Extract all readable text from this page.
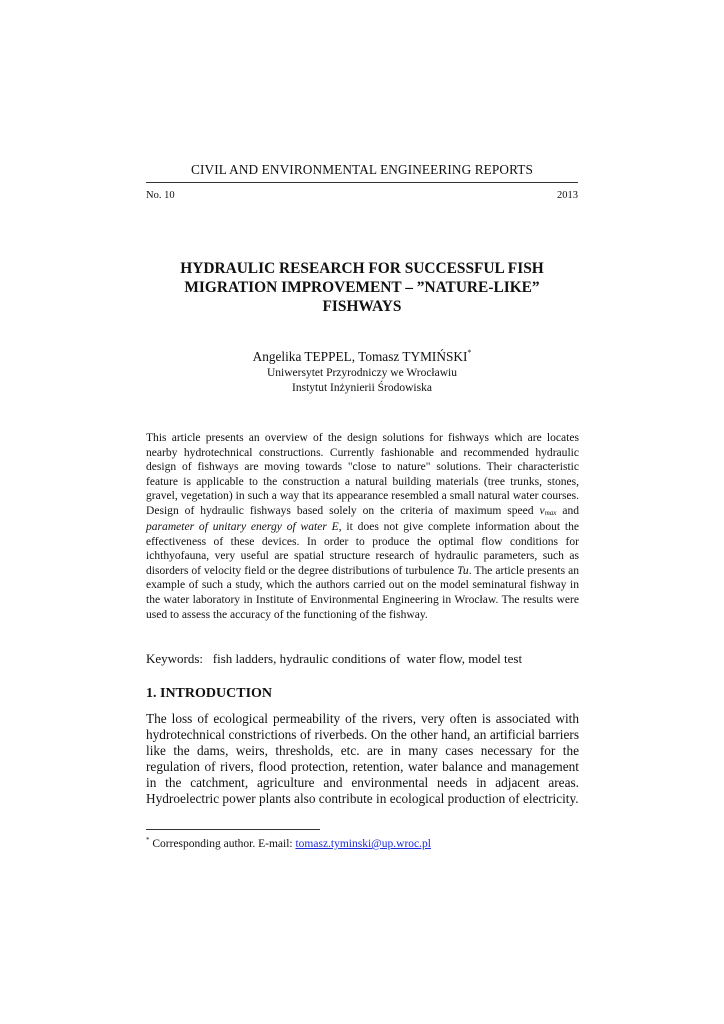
CIVIL AND ENVIRONMENTAL ENGINEERING REPORTS
No. 10	2013
HYDRAULIC RESEARCH FOR SUCCESSFUL FISH
MIGRATION IMPROVEMENT – ”NATURE-LIKE”
FISHWAYS
Angelika TEPPEL, Tomasz TYMIŃSKI*
Uniwersytet Przyrodniczy we Wrocławiu
Instytut Inżynierii Środowiska

This article presents an overview of the design solutions for fishways which are locates nearby hydrotechnical constructions. Currently fashionable and recommended hydraulic design of fishways are moving towards "close to nature" solutions. Their characteristic feature is applicable to the construction a natural building materials (tree trunks, stones, gravel, vegetation) in such a way that its appearance resembled a small natural water courses. Design of hydraulic fishways based solely on the criteria of maximum speed $v_{max}$ and parameter of unitary energy of water E, it does not give complete information about the effectiveness of these devices. In order to produce the optimal flow conditions for ichthyofauna, very useful are spatial structure research of hydraulic parameters, such as disorders of velocity field or the degree distributions of turbulence Tu. The article presents an example of such a study, which the authors carried out on the model seminatural fishway in the water laboratory in Institute of Environmental Engineering in Wrocław. The results were used to assess the accuracy of the functioning of the fishway.

Keywords:   fish ladders, hydraulic conditions of  water flow, model test
1. INTRODUCTION

The loss of ecological permeability of the rivers, very often is associated with hydrotechnical constrictions of riverbeds. On the other hand, an artificial barriers like the dams, weirs, thresholds, etc. are in many cases necessary for the regulation of rivers, flood protection, retention, water balance and management in the catchment, agriculture and environmental needs in adjacent areas. Hydroelectric power plants also contribute in ecological production of electricity.

* Corresponding author. E-mail: tomasz.tyminski@up.wroc.pl
